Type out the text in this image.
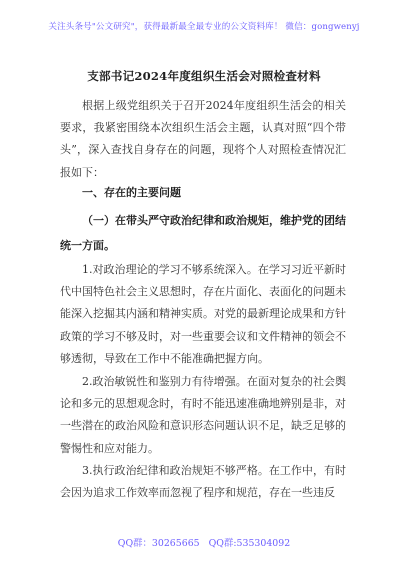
关注头条号"公文研究"，获得最新最全最专业的公文资料库！ 微信：gongwenyj
支部书记2024年度组织生活会对照检查材料

根据上级党组织关于召开2024年度组织生活会的相关要求，我紧密围绕本次组织生活会主题，认真对照“四个带头”，深入查找自身存在的问题，现将个人对照检查情况汇报如下：

一、存在的主要问题

（一）在带头严守政治纪律和政治规矩，维护党的团结统一方面。

1.对政治理论的学习不够系统深入。在学习习近平新时代中国特色社会主义思想时，存在片面化、表面化的问题未能深入挖掘其内涵和精神实质。对党的最新理论成果和方针政策的学习不够及时，对一些重要会议和文件精神的领会不够透彻，导致在工作中不能准确把握方向。

2.政治敏锐性和鉴别力有待增强。在面对复杂的社会舆论和多元的思想观念时，有时不能迅速准确地辨别是非，对一些潜在的政治风险和意识形态问题认识不足，缺乏足够的警惕性和应对能力。

3.执行政治纪律和政治规矩不够严格。在工作中，有时会因为追求工作效率而忽视了程序和规范，存在一些违反

QQ群：30265665 QQ群:535304092
